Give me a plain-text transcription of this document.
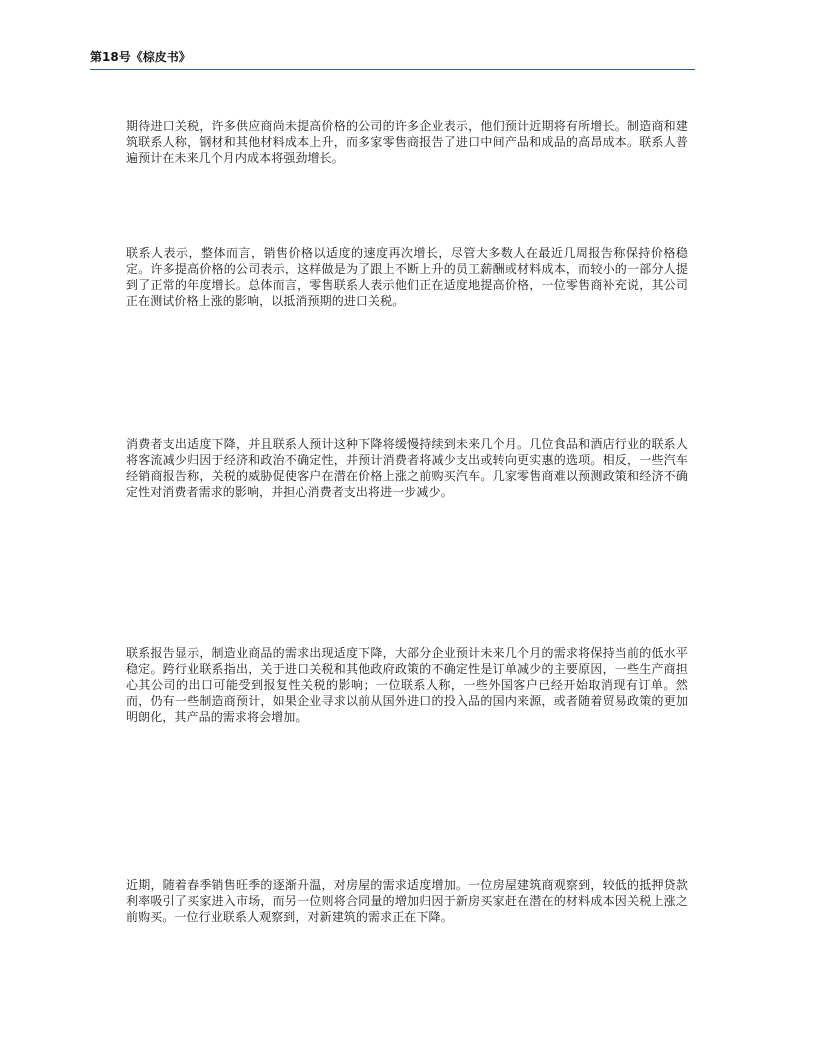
第18号《棕皮书》

期待进口关税，许多供应商尚未提高价格的公司的许多企业表示，他们预计近期将有所增长。制造商和建筑联系人称，钢材和其他材料成本上升，而多家零售商报告了进口中间产品和成品的高昂成本。联系人普遍预计在未来几个月内成本将强劲增长。

联系人表示，整体而言，销售价格以适度的速度再次增长，尽管大多数人在最近几周报告称保持价格稳定。许多提高价格的公司表示，这样做是为了跟上不断上升的员工薪酬或材料成本，而较小的一部分人提到了正常的年度增长。总体而言，零售联系人表示他们正在适度地提高价格，一位零售商补充说，其公司正在测试价格上涨的影响，以抵消预期的进口关税。

消费者支出适度下降，并且联系人预计这种下降将缓慢持续到未来几个月。几位食品和酒店行业的联系人将客流减少归因于经济和政治不确定性，并预计消费者将减少支出或转向更实惠的选项。相反，一些汽车经销商报告称，关税的威胁促使客户在潜在价格上涨之前购买汽车。几家零售商难以预测政策和经济不确定性对消费者需求的影响，并担心消费者支出将进一步减少。

联系报告显示，制造业商品的需求出现适度下降，大部分企业预计未来几个月的需求将保持当前的低水平稳定。跨行业联系指出，关于进口关税和其他政府政策的不确定性是订单减少的主要原因，一些生产商担心其公司的出口可能受到报复性关税的影响；一位联系人称，一些外国客户已经开始取消现有订单。然而，仍有一些制造商预计，如果企业寻求以前从国外进口的投入品的国内来源，或者随着贸易政策的更加明朗化，其产品的需求将会增加。

近期，随着春季销售旺季的逐渐升温，对房屋的需求适度增加。一位房屋建筑商观察到，较低的抵押贷款利率吸引了买家进入市场，而另一位则将合同量的增加归因于新房买家赶在潜在的材料成本因关税上涨之前购买。一位行业联系人观察到，对新建筑的需求正在下降。
